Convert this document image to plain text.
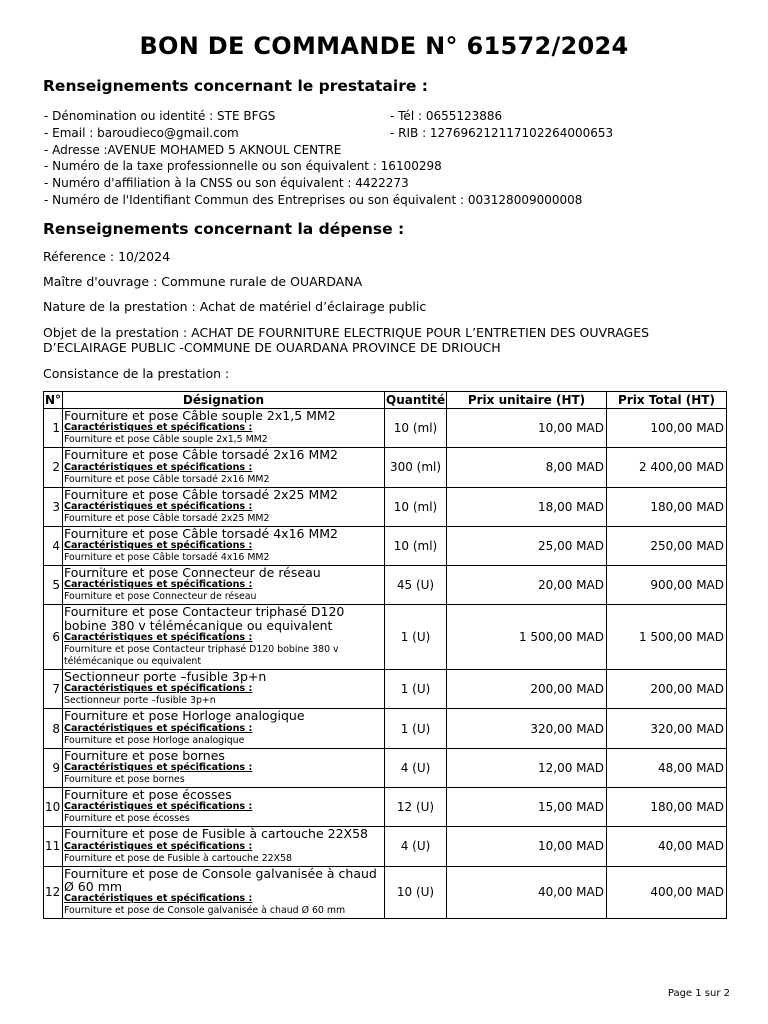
BON DE COMMANDE N° 61572/2024
Renseignements concernant le prestataire :
- Dénomination ou identité : STE BFGS	- Tél : 0655123886
- Email : baroudieco@gmail.com	- RIB : 127696212117102264000653
- Adresse :AVENUE MOHAMED 5 AKNOUL CENTRE
- Numéro de la taxe professionnelle ou son équivalent : 16100298
- Numéro d'affiliation à la CNSS ou son équivalent : 4422273
- Numéro de l'Identifiant Commun des Entreprises ou son équivalent : 003128009000008
Renseignements concernant la dépense :
Réference : 10/2024
Maître d'ouvrage : Commune rurale de OUARDANA
Nature de la prestation : Achat de matériel d’éclairage public
Objet de la prestation : ACHAT DE FOURNITURE ELECTRIQUE POUR L’ENTRETIEN DES OUVRAGES
D’ECLAIRAGE PUBLIC -COMMUNE DE OUARDANA PROVINCE DE DRIOUCH
Consistance de la prestation :
N°	Désignation	Quantité	Prix unitaire (HT)	Prix Total (HT)
1	Fourniture et pose Câble souple 2x1,5 MM2
Caractéristiques et spécifications :
Fourniture et pose Câble souple 2x1,5 MM2	10 (ml)	10,00 MAD	100,00 MAD
2	Fourniture et pose Câble torsadé 2x16 MM2
Caractéristiques et spécifications :
Fourniture et pose Câble torsadé 2x16 MM2	300 (ml)	8,00 MAD	2 400,00 MAD
3	Fourniture et pose Câble torsadé 2x25 MM2
Caractéristiques et spécifications :
Fourniture et pose Câble torsadé 2x25 MM2	10 (ml)	18,00 MAD	180,00 MAD
4	Fourniture et pose Câble torsadé 4x16 MM2
Caractéristiques et spécifications :
Fourniture et pose Câble torsadé 4x16 MM2	10 (ml)	25,00 MAD	250,00 MAD
5	Fourniture et pose Connecteur de réseau
Caractéristiques et spécifications :
Fourniture et pose Connecteur de réseau	45 (U)	20,00 MAD	900,00 MAD
6	Fourniture et pose Contacteur triphasé D120 bobine 380 v télémécanique ou equivalent
Caractéristiques et spécifications :
Fourniture et pose Contacteur triphasé D120 bobine 380 v télémécanique ou equivalent	1 (U)	1 500,00 MAD	1 500,00 MAD
7	Sectionneur porte –fusible 3p+n
Caractéristiques et spécifications :
Sectionneur porte –fusible 3p+n	1 (U)	200,00 MAD	200,00 MAD
8	Fourniture et pose Horloge analogique
Caractéristiques et spécifications :
Fourniture et pose Horloge analogique	1 (U)	320,00 MAD	320,00 MAD
9	Fourniture et pose bornes
Caractéristiques et spécifications :
Fourniture et pose bornes	4 (U)	12,00 MAD	48,00 MAD
10	Fourniture et pose écosses
Caractéristiques et spécifications :
Fourniture et pose écosses	12 (U)	15,00 MAD	180,00 MAD
11	Fourniture et pose de Fusible à cartouche 22X58
Caractéristiques et spécifications :
Fourniture et pose de Fusible à cartouche 22X58	4 (U)	10,00 MAD	40,00 MAD
12	Fourniture et pose de Console galvanisée à chaud Ø 60 mm
Caractéristiques et spécifications :
Fourniture et pose de Console galvanisée à chaud Ø 60 mm	10 (U)	40,00 MAD	400,00 MAD
Page 1 sur 2
